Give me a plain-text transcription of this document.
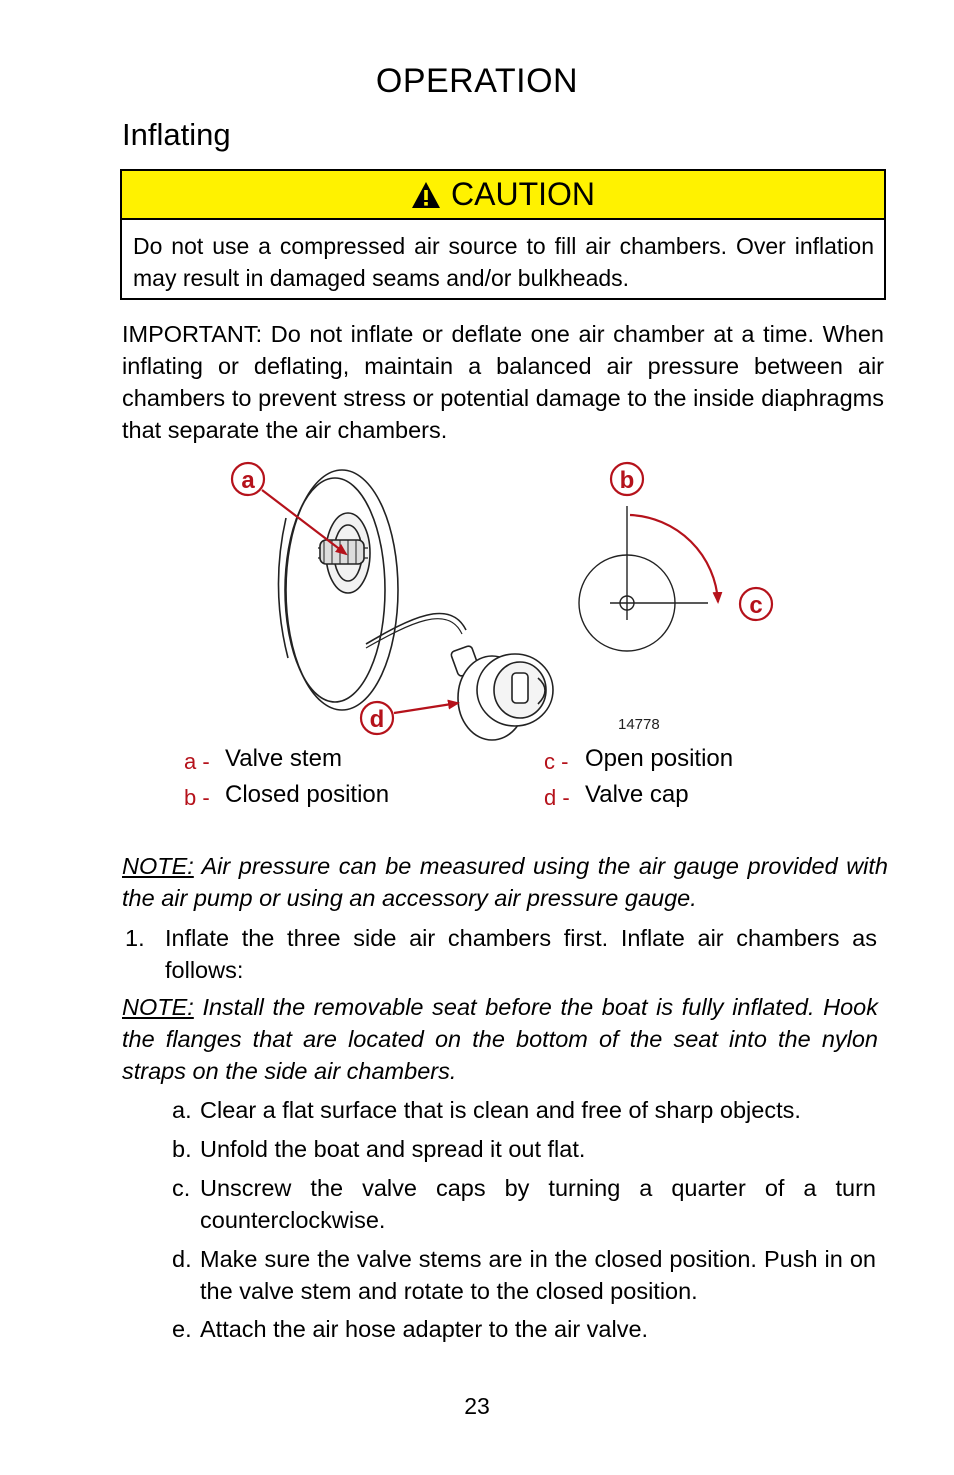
OPERATION
Inflating
CAUTION
Do not use a compressed air source to fill air chambers. Over inflation may result in damaged seams and/or bulkheads.
IMPORTANT: Do not inflate or deflate one air chamber at a time. When inflating or deflating, maintain a balanced air pressure between air chambers to prevent stress or potential damage to the inside diaphragms that separate the air chambers.
a	b
c
d	14778
a - Valve stem
b - Closed position
c - Open position
d - Valve cap
NOTE: Air pressure can be measured using the air gauge provided with the air pump or using an accessory air pressure gauge.
1. Inflate the three side air chambers first. Inflate air chambers as follows:
NOTE: Install the removable seat before the boat is fully inflated. Hook the flanges that are located on the bottom of the seat into the nylon straps on the side air chambers.
a. Clear a flat surface that is clean and free of sharp objects.
b. Unfold the boat and spread it out flat.
c. Unscrew the valve caps by turning a quarter of a turn counterclockwise.
d. Make sure the valve stems are in the closed position. Push in on the valve stem and rotate to the closed position.
e. Attach the air hose adapter to the air valve.
23
